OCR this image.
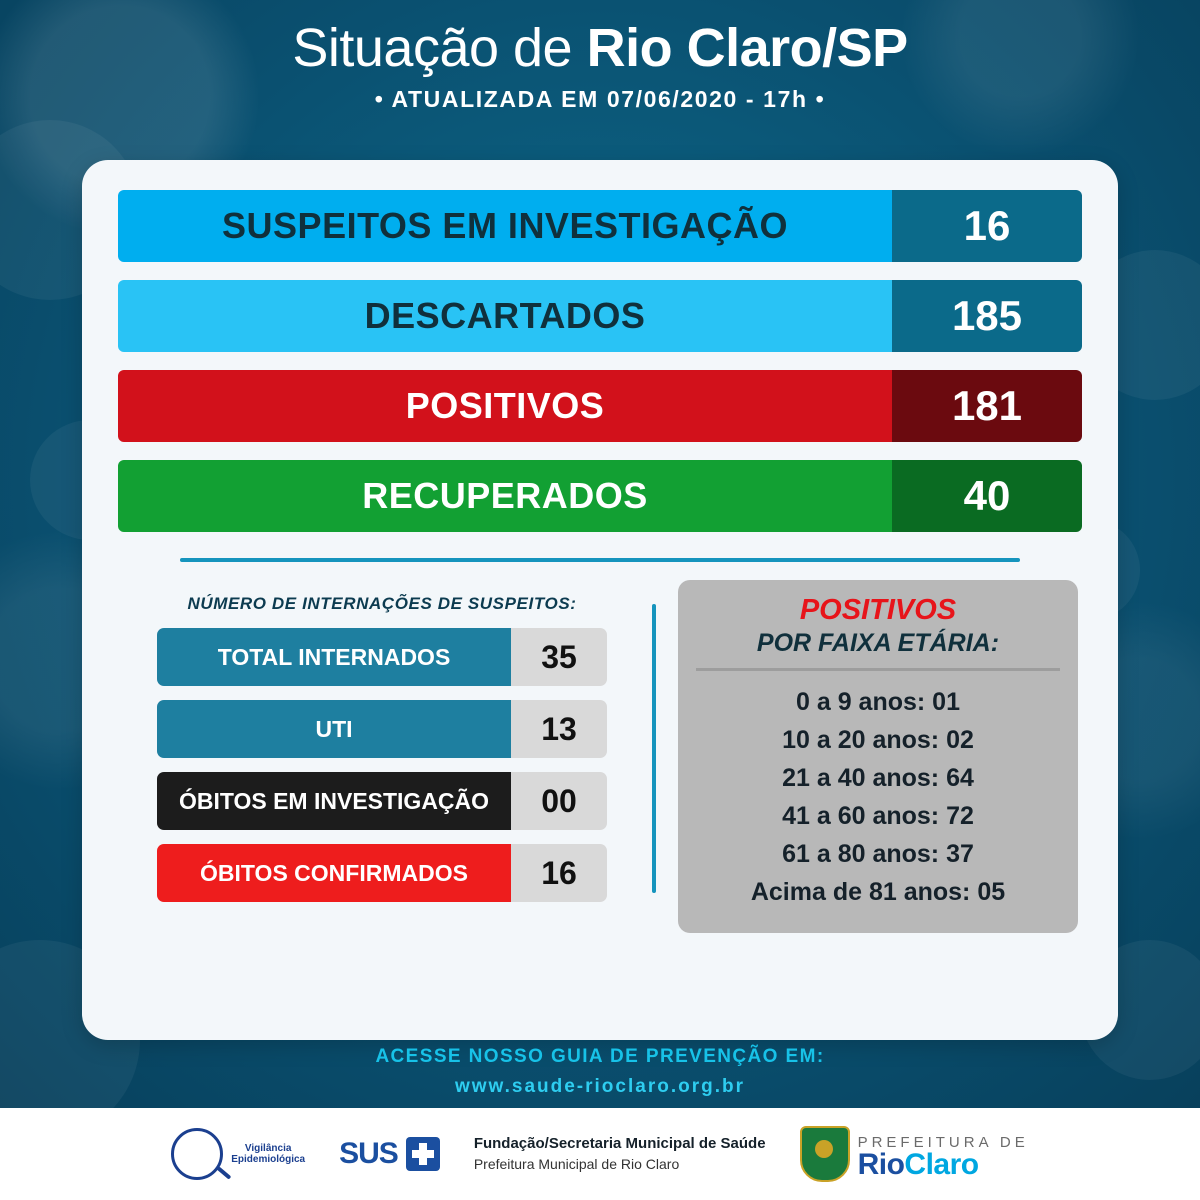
Situação de Rio Claro/SP
• ATUALIZADA EM 07/06/2020 - 17h •
SUSPEITOS EM INVESTIGAÇÃO	16
DESCARTADOS	185
POSITIVOS	181
RECUPERADOS	40
NÚMERO DE INTERNAÇÕES DE SUSPEITOS:
TOTAL INTERNADOS	35
UTI	13
ÓBITOS EM INVESTIGAÇÃO	00
ÓBITOS CONFIRMADOS	16
POSITIVOS
POR FAIXA ETÁRIA:
0 a 9 anos: 01
10 a 20 anos: 02
21 a 40 anos: 64
41 a 60 anos: 72
61 a 80 anos: 37
Acima de 81 anos: 05
ACESSE NOSSO GUIA DE PREVENÇÃO EM:
www.saude-rioclaro.org.br
Vigilância
Epidemiológica SUS	Fundação/Secretaria Municipal de Saúde
Prefeitura Municipal de Rio Claro
PREFEITURA DE
RioClaro
